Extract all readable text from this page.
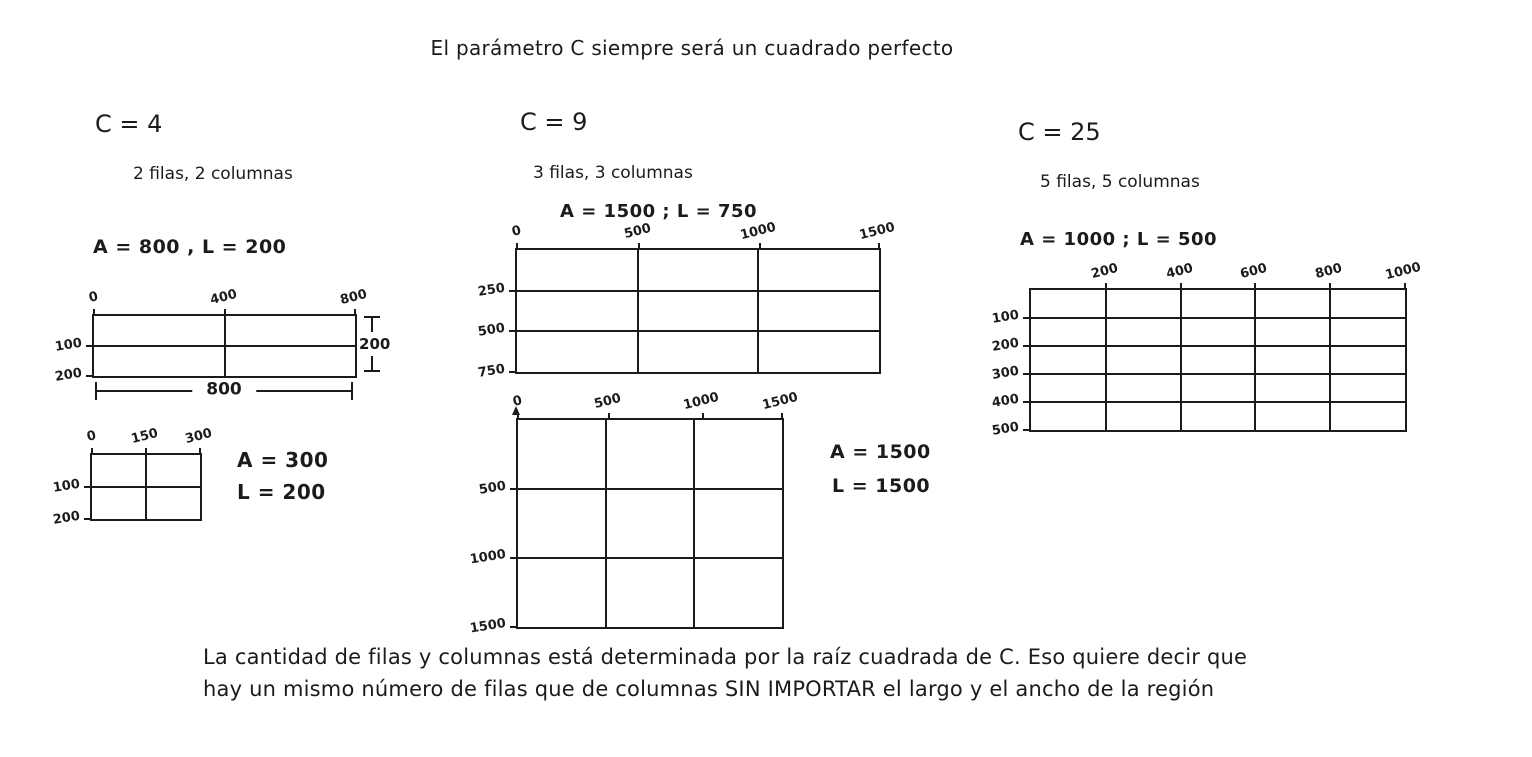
El parámetro C siempre será un cuadrado perfecto
C = 4
2 filas, 2 columnas
A = 800 , L = 200
0	400	800
100
200
200
800
0 150 300
100
200
A = 300
L = 200
C = 9
3 filas, 3 columnas
A = 1500 ; L = 750
0	500	1000	1500
250
500
750
0	500	1000	1500
500
1000
1500
A = 1500
L = 1500
C = 25
5 filas, 5 columnas
A = 1000 ; L = 500
200	400	600	800	1000
100
200
300
400
500
La cantidad de filas y columnas está determinada por la raíz cuadrada de C. Eso quiere decir que
hay un mismo número de filas que de columnas SIN IMPORTAR el largo y el ancho de la región
